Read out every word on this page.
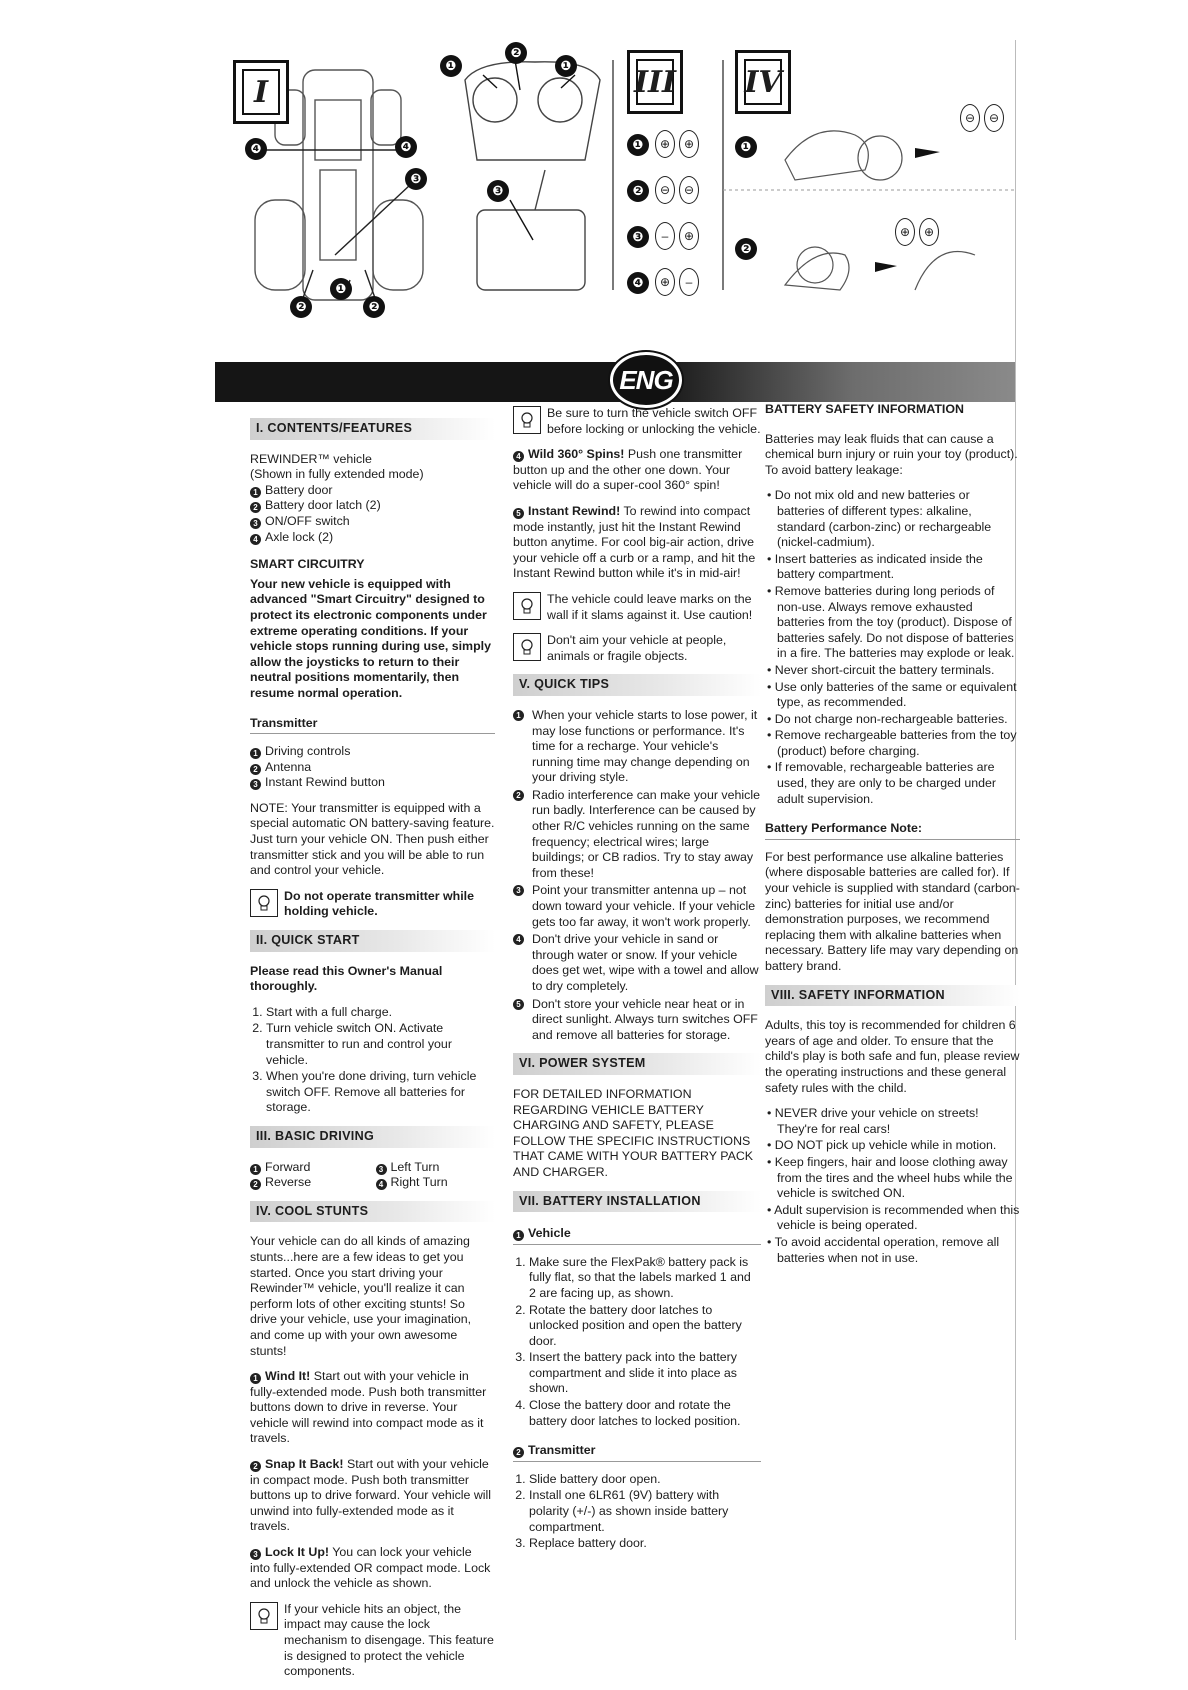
I	III IV
❹	❹
❸
❶
❷	❷
❶
❷
❶
❸
❶	⊕	⊕
❷	⊖	⊖
❸	–	⊕
❹	⊕	–
❶
⊖	⊖
❷
⊕	⊕
ENG
I. CONTENTS/FEATURES
REWINDER™ vehicle
(Shown in fully extended mode)
1 Battery door
2 Battery door latch (2)
3 ON/OFF switch
4 Axle lock (2)
SMART CIRCUITRY

Your new vehicle is equipped with advanced "Smart Circuitry" designed to protect its electronic components under extreme operating conditions. If your vehicle stops running during use, simply allow the joysticks to return to their neutral positions momentarily, then resume normal operation.

Transmitter
1 Driving controls
2 Antenna
3 Instant Rewind button

NOTE: Your transmitter is equipped with a special automatic ON battery-saving feature. Just turn your vehicle ON. Then push either transmitter stick and you will be able to run and control your vehicle.

Do not operate transmitter while holding vehicle.
II. QUICK START

Please read this Owner's Manual thoroughly.

1. Start with a full charge.
2. Turn vehicle switch ON. Activate transmitter to run and control your vehicle.
3. When you're done driving, turn vehicle switch OFF. Remove all batteries for storage.
III. BASIC DRIVING
1 Forward	3 Left Turn
2 Reverse	4 Right Turn
IV. COOL STUNTS

Your vehicle can do all kinds of amazing stunts...here are a few ideas to get you started. Once you start driving your Rewinder™ vehicle, you'll realize it can perform lots of other exciting stunts! So drive your vehicle, use your imagination, and come up with your own awesome stunts!

1 Wind It! Start out with your vehicle in fully-extended mode. Push both transmitter buttons down to drive in reverse. Your vehicle will rewind into compact mode as it travels.

2 Snap It Back! Start out with your vehicle in compact mode. Push both transmitter buttons up to drive forward. Your vehicle will unwind into fully-extended mode as it travels.

3 Lock It Up! You can lock your vehicle into fully-extended OR compact mode. Lock and unlock the vehicle as shown.

If your vehicle hits an object, the impact may cause the lock mechanism to disengage. This feature is designed to protect the vehicle components.
Be sure to turn the vehicle switch OFF before locking or unlocking the vehicle.

4 Wild 360° Spins! Push one transmitter button up and the other one down. Your vehicle will do a super-cool 360° spin!

5 Instant Rewind! To rewind into compact mode instantly, just hit the Instant Rewind button anytime. For cool big-air action, drive your vehicle off a curb or a ramp, and hit the Instant Rewind button while it's in mid-air!

The vehicle could leave marks on the wall if it slams against it. Use caution!
Don't aim your vehicle at people, animals or fragile objects.
V. QUICK TIPS
1 When your vehicle starts to lose power, it may lose functions or performance. It's time for a recharge. Your vehicle's running time may change depending on your driving style.
2 Radio interference can make your vehicle run badly. Interference can be caused by other R/C vehicles running on the same frequency; electrical wires; large buildings; or CB radios. Try to stay away from these!
3 Point your transmitter antenna up – not down toward your vehicle. If your vehicle gets too far away, it won't work properly.
4 Don't drive your vehicle in sand or through water or snow. If your vehicle does get wet, wipe with a towel and allow to dry completely.
5 Don't store your vehicle near heat or in direct sunlight. Always turn switches OFF and remove all batteries for storage.
VI. POWER SYSTEM

FOR DETAILED INFORMATION REGARDING VEHICLE BATTERY CHARGING AND SAFETY, PLEASE FOLLOW THE SPECIFIC INSTRUCTIONS THAT CAME WITH YOUR BATTERY PACK AND CHARGER.

VII. BATTERY INSTALLATION
1 Vehicle
1. Make sure the FlexPak® battery pack is fully flat, so that the labels marked 1 and 2 are facing up, as shown.
2. Rotate the battery door latches to unlocked position and open the battery door.
3. Insert the battery pack into the battery compartment and slide it into place as shown.
4. Close the battery door and rotate the battery door latches to locked position.
2 Transmitter
1. Slide battery door open.
2. Install one 6LR61 (9V) battery with polarity (+/-) as shown inside battery compartment.
3. Replace battery door.
BATTERY SAFETY INFORMATION

Batteries may leak fluids that can cause a chemical burn injury or ruin your toy (product). To avoid battery leakage:

• Do not mix old and new batteries or batteries of different types: alkaline, standard (carbon-zinc) or rechargeable (nickel-cadmium).
• Insert batteries as indicated inside the battery compartment.
• Remove batteries during long periods of non-use. Always remove exhausted batteries from the toy (product). Dispose of batteries safely. Do not dispose of batteries in a fire. The batteries may explode or leak.
• Never short-circuit the battery terminals.
• Use only batteries of the same or equivalent type, as recommended.
• Do not charge non-rechargeable batteries.
• Remove rechargeable batteries from the toy (product) before charging.
• If removable, rechargeable batteries are used, they are only to be charged under adult supervision.
Battery Performance Note:

For best performance use alkaline batteries (where disposable batteries are called for). If your vehicle is supplied with standard (carbon-zinc) batteries for initial use and/or demonstration purposes, we recommend replacing them with alkaline batteries when necessary. Battery life may vary depending on battery brand.

VIII. SAFETY INFORMATION

Adults, this toy is recommended for children 6 years of age and older. To ensure that the child's play is both safe and fun, please review the operating instructions and these general safety rules with the child.

• NEVER drive your vehicle on streets! They're for real cars!
• DO NOT pick up vehicle while in motion.
• Keep fingers, hair and loose clothing away from the tires and the wheel hubs while the vehicle is switched ON.
• Adult supervision is recommended when this vehicle is being operated.
• To avoid accidental operation, remove all batteries when not in use.
